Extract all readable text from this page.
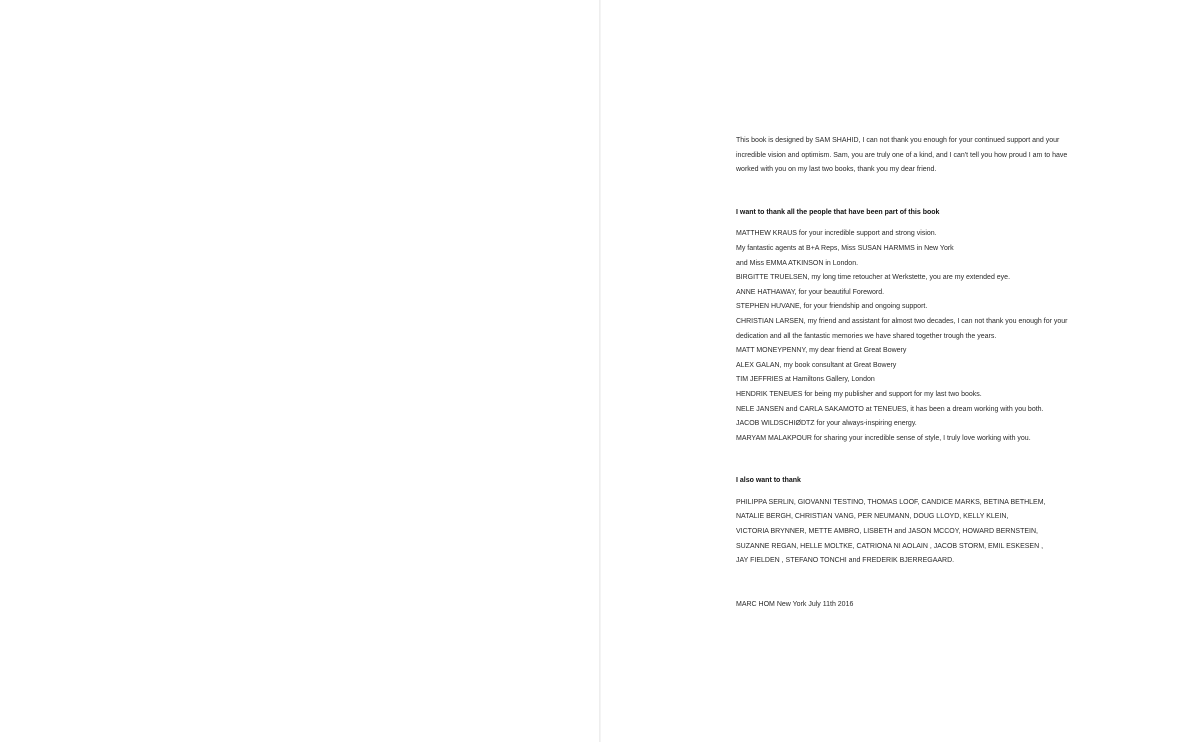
This book is designed by SAM SHAHID, I can not thank you enough for your continued support and your
incredible vision and optimism. Sam, you are truly one of a kind, and I can't tell you how proud I am to have
worked with you on my last two books, thank you my dear friend.
I want to thank all the people that have been part of this book
MATTHEW KRAUS for your incredible support and strong vision.
My fantastic agents at B+A Reps, Miss SUSAN HARMMS in New York
and Miss EMMA ATKINSON in London.
BIRGITTE TRUELSEN, my long time retoucher at Werkstette, you are my extended eye.
ANNE HATHAWAY, for your beautiful Foreword.
STEPHEN HUVANE, for your friendship and ongoing support.
CHRISTIAN LARSEN, my friend and assistant for almost two decades, I can not thank you enough for your
dedication and all the fantastic memories we have shared together trough the years.
MATT MONEYPENNY, my dear friend at Great Bowery
ALEX GALAN, my book consultant at Great Bowery
TIM JEFFRIES at Hamiltons Gallery, London
HENDRIK TENEUES for being my publisher and support for my last two books.
NELE JANSEN and CARLA SAKAMOTO at TENEUES, it has been a dream working with you both.
JACOB WILDSCHIØDTZ for your always-inspiring energy.
MARYAM MALAKPOUR for sharing your incredible sense of style, I truly love working with you.
I also want to thank
PHILIPPA SERLIN, GIOVANNI TESTINO, THOMAS LOOF, CANDICE MARKS, BETINA BETHLEM,
NATALIE BERGH, CHRISTIAN VANG, PER NEUMANN, DOUG LLOYD, KELLY KLEIN,
VICTORIA BRYNNER, METTE AMBRO, LISBETH and JASON MCCOY, HOWARD BERNSTEIN,
SUZANNE REGAN, HELLE MOLTKE, CATRIONA NI AOLAIN , JACOB STORM, EMIL ESKESEN ,
JAY FIELDEN , STEFANO TONCHI and FREDERIK BJERREGAARD.
MARC HOM New York July 11th 2016
